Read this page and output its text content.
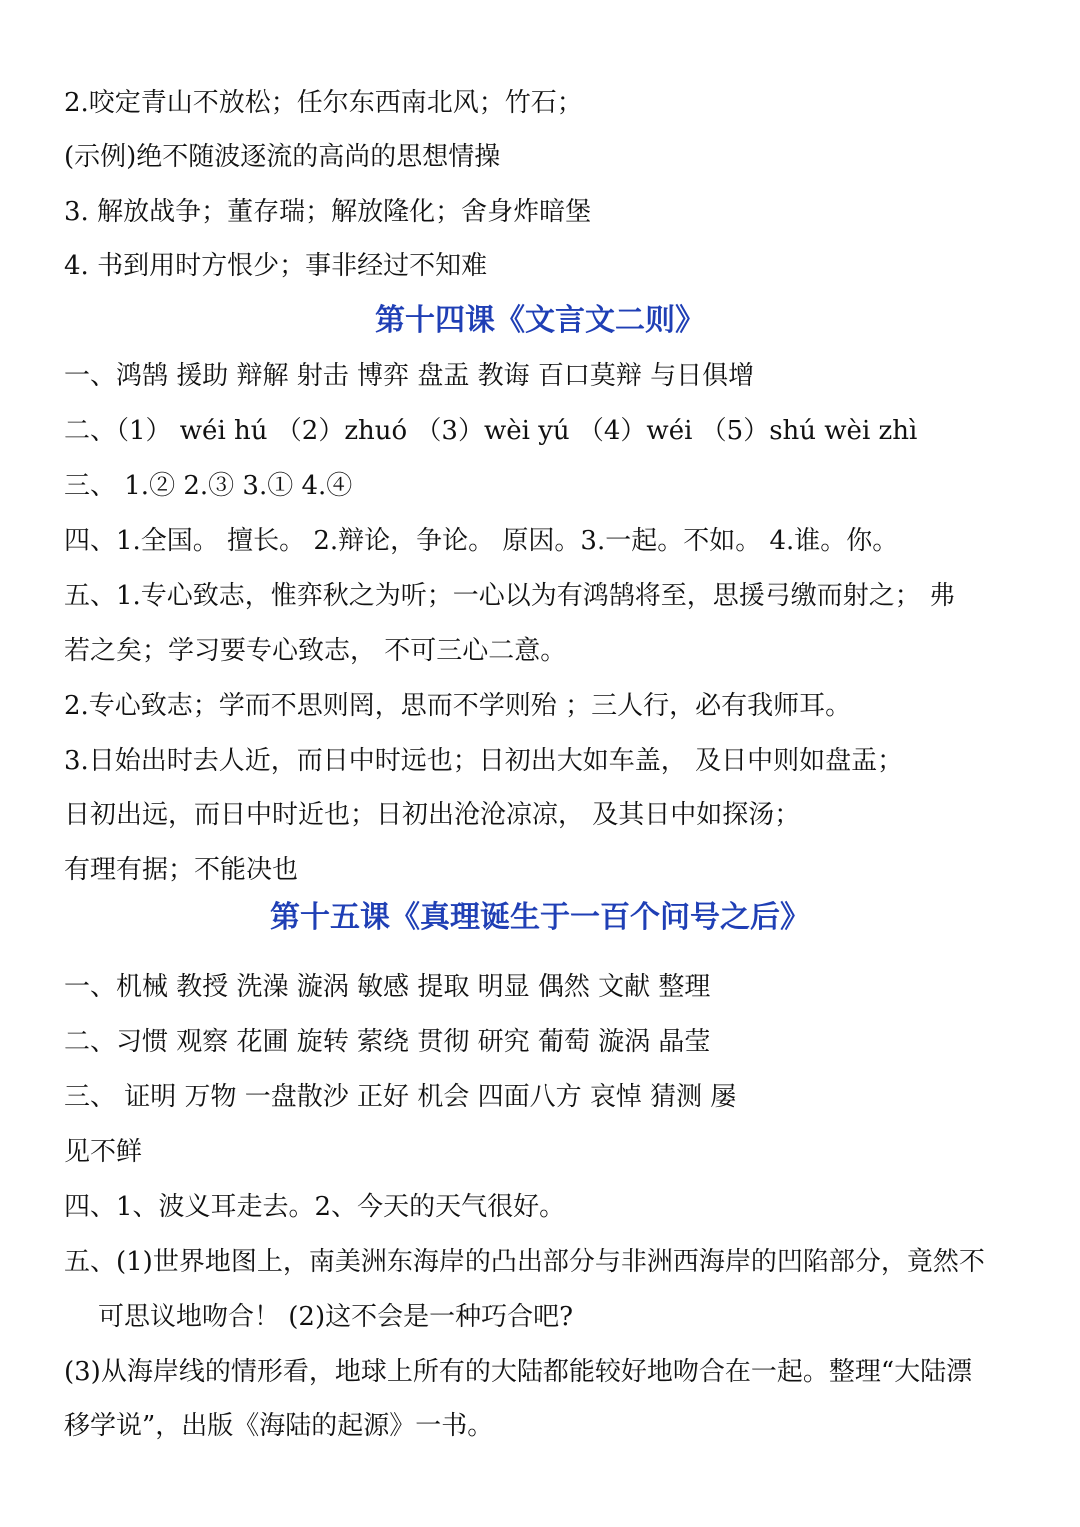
2.咬定青山不放松；任尔东西南北风；竹石；
(示例)绝不随波逐流的高尚的思想情操
3. 解放战争；董存瑞；解放隆化；舍身炸暗堡
4. 书到用时方恨少；事非经过不知难
第十四课《文言文二则》
一、鸿鹄 援助 辩解 射击 博弈 盘盂 教诲 百口莫辩 与日俱增
二、（1） wéi hú （2）zhuó （3）wèi yú （4）wéi （5）shú wèi zhì
三、 1.② 2.③ 3.① 4.④
四、1.全国。 擅长。 2.辩论，争论。 原因。3.一起。不如。 4.谁。你。
五、1.专心致志，惟弈秋之为听；一心以为有鸿鹄将至，思援弓缴而射之； 弗
若之矣；学习要专心致志， 不可三心二意。
2.专心致志；学而不思则罔，思而不学则殆 ；三人行，必有我师耳。
3.日始出时去人近，而日中时远也；日初出大如车盖， 及日中则如盘盂；
日初出远，而日中时近也；日初出沧沧凉凉， 及其日中如探汤；
有理有据；不能决也
第十五课《真理诞生于一百个问号之后》
一、机械 教授 洗澡 漩涡 敏感 提取 明显 偶然 文献 整理
二、习惯 观察 花圃 旋转 萦绕 贯彻 研究 葡萄 漩涡 晶莹
三、 证明 万物 一盘散沙 正好 机会 四面八方 哀悼 猜测 屡
见不鲜
四、1、波义耳走去。2、今天的天气很好。
五、(1)世界地图上，南美洲东海岸的凸出部分与非洲西海岸的凹陷部分，竟然不
可思议地吻合！ (2)这不会是一种巧合吧?
(3)从海岸线的情形看，地球上所有的大陆都能较好地吻合在一起。整理“大陆漂
移学说”，出版《海陆的起源》一书。
